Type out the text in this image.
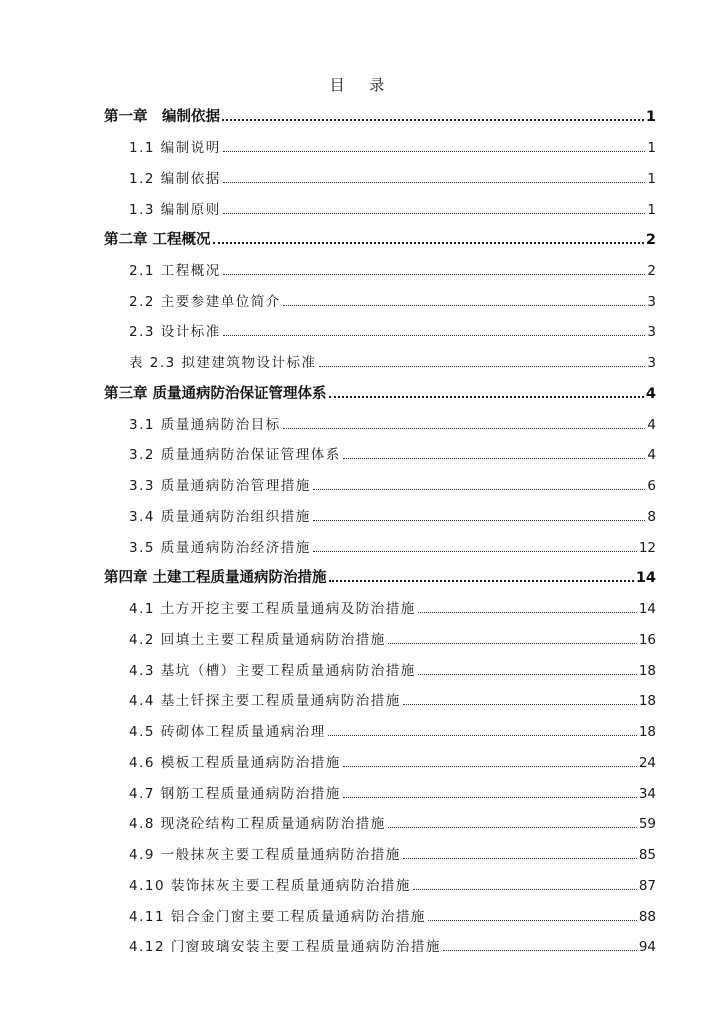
目 录
第一章　编制依据	1
1.1 编制说明	1
1.2 编制依据	1
1.3 编制原则	1
第二章 工程概况	2
2.1 工程概况	2
2.2 主要参建单位简介	3
2.3 设计标准	3
表 2.3 拟建建筑物设计标准	3
第三章 质量通病防治保证管理体系	4
3.1 质量通病防治目标	4
3.2 质量通病防治保证管理体系	4
3.3 质量通病防治管理措施	6
3.4 质量通病防治组织措施	8
3.5 质量通病防治经济措施	12
第四章 土建工程质量通病防治措施	14
4.1 土方开挖主要工程质量通病及防治措施	14
4.2 回填土主要工程质量通病防治措施	16
4.3 基坑（槽）主要工程质量通病防治措施	18
4.4 基土钎探主要工程质量通病防治措施	18
4.5 砖砌体工程质量通病治理	18
4.6 模板工程质量通病防治措施	24
4.7 钢筋工程质量通病防治措施	34
4.8 现浇砼结构工程质量通病防治措施	59
4.9 一般抹灰主要工程质量通病防治措施	85
4.10 装饰抹灰主要工程质量通病防治措施	87
4.11 铝合金门窗主要工程质量通病防治措施	88
4.12 门窗玻璃安装主要工程质量通病防治措施	94
